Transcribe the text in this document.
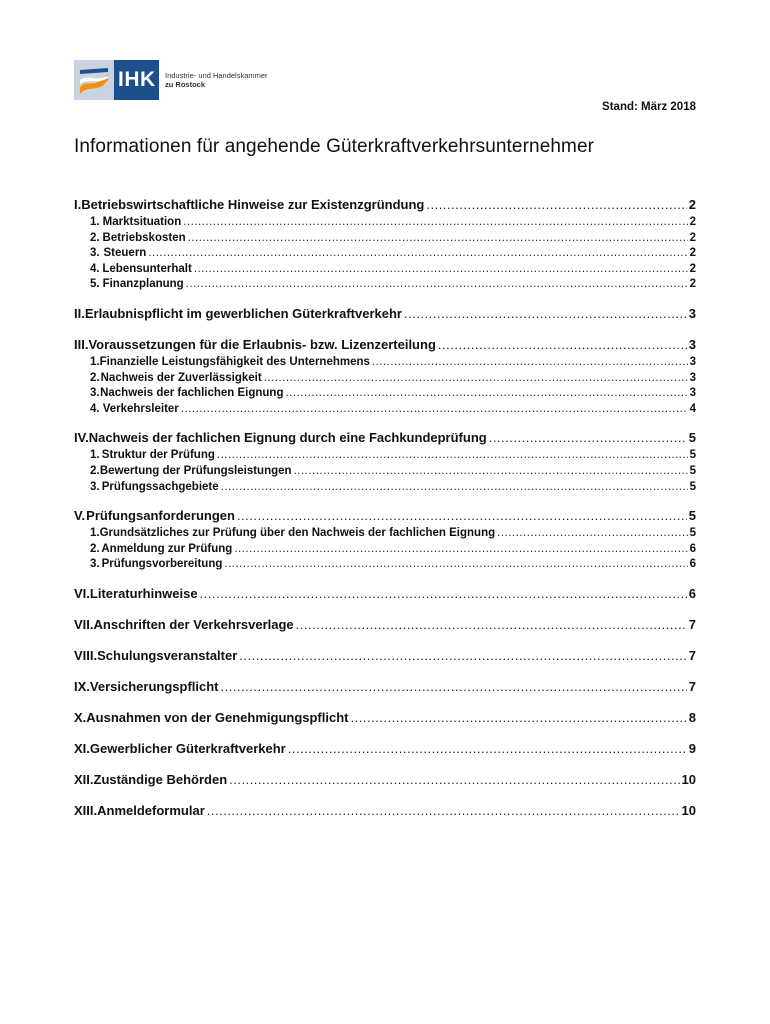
IHK Industrie- und Handelskammer
zu Rostock
Stand: März 2018
Informationen für angehende Güterkraftverkehrsunternehmer
I. Betriebswirtschaftliche Hinweise zur Existenzgründung .....	2
1. Marktsituation .....	2
2. Betriebskosten .....	2
3. Steuern .....	2
4. Lebensunterhalt .....	2
5. Finanzplanung .....	2
II. Erlaubnispflicht im gewerblichen Güterkraftverkehr .....	3
III. Voraussetzungen für die Erlaubnis- bzw. Lizenzerteilung .....	3
1. Finanzielle Leistungsfähigkeit des Unternehmens .....	3
2. Nachweis der Zuverlässigkeit .....	3
3. Nachweis der fachlichen Eignung .....	3
4. Verkehrsleiter .....	4
IV. Nachweis der fachlichen Eignung durch eine Fachkundeprüfung .....	5
1. Struktur der Prüfung .....	5
2. Bewertung der Prüfungsleistungen .....	5
3. Prüfungssachgebiete .....	5
V. Prüfungsanforderungen .....	5
1. Grundsätzliches zur Prüfung über den Nachweis der fachlichen Eignung .....	5
2. Anmeldung zur Prüfung .....	6
3. Prüfungsvorbereitung .....	6
VI. Literaturhinweise .....	6
VII. Anschriften der Verkehrsverlage .....	7
VIII. Schulungsveranstalter .....	7
IX. Versicherungspflicht .....	7
X. Ausnahmen von der Genehmigungspflicht .....	8
XI. Gewerblicher Güterkraftverkehr .....	9
XII. Zuständige Behörden .....	10
XIII. Anmeldeformular .....	10
